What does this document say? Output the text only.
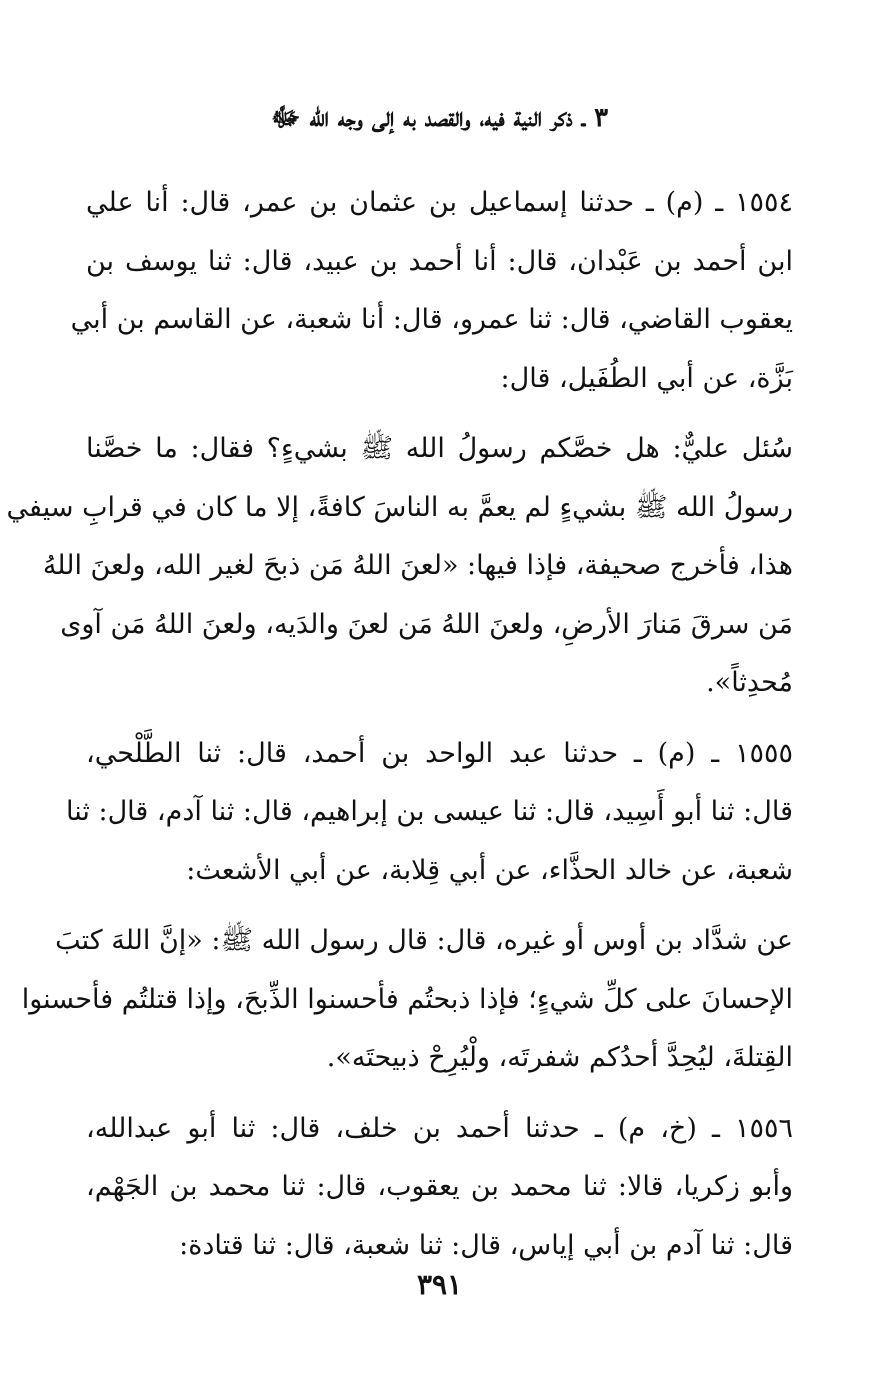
٣ ـ ذكر النية فيه، والقصد به إلى وجه الله ﷻ
١٥٥٤ ـ (م) ـ حدثنا إسماعيل بن عثمان بن عمر، قال: أنا علي
ابن أحمد بن عَبْدان، قال: أنا أحمد بن عبيد، قال: ثنا يوسف بن
يعقوب القاضي، قال: ثنا عمرو، قال: أنا شعبة، عن القاسم بن أبي
بَزَّة، عن أبي الطُفَيل، قال:
سُئل عليٌّ: هل خصَّكم رسولُ الله ﷺ بشيءٍ؟ فقال: ما خصَّنا
رسولُ الله ﷺ بشيءٍ لم يعمَّ به الناسَ كافةً، إلا ما كان في قرابِ سيفي
هذا، فأخرج صحيفة، فإذا فيها: «لعنَ اللهُ مَن ذبحَ لغير الله، ولعنَ اللهُ
مَن سرقَ مَنارَ الأرضِ، ولعنَ اللهُ مَن لعنَ والدَيه، ولعنَ اللهُ مَن آوى
مُحدِثاً».
١٥٥٥ ـ (م) ـ حدثنا عبد الواحد بن أحمد، قال: ثنا الطَّلْحي،
قال: ثنا أبو أَسِيد، قال: ثنا عيسى بن إبراهيم، قال: ثنا آدم، قال: ثنا
شعبة، عن خالد الحذَّاء، عن أبي قِلابة، عن أبي الأشعث:
عن شدَّاد بن أوس أو غيره، قال: قال رسول الله ﷺ: «إنَّ اللهَ كتبَ
الإحسانَ على كلِّ شيءٍ؛ فإذا ذبحتُم فأحسنوا الذِّبحَ، وإذا قتلتُم فأحسنوا
القِتلةَ، ليُحِدَّ أحدُكم شفرتَه، ولْيُرِحْ ذبيحتَه».
١٥٥٦ ـ (خ، م) ـ حدثنا أحمد بن خلف، قال: ثنا أبو عبدالله،
وأبو زكريا، قالا: ثنا محمد بن يعقوب، قال: ثنا محمد بن الجَهْم،
قال: ثنا آدم بن أبي إياس، قال: ثنا شعبة، قال: ثنا قتادة:
٣٩١
